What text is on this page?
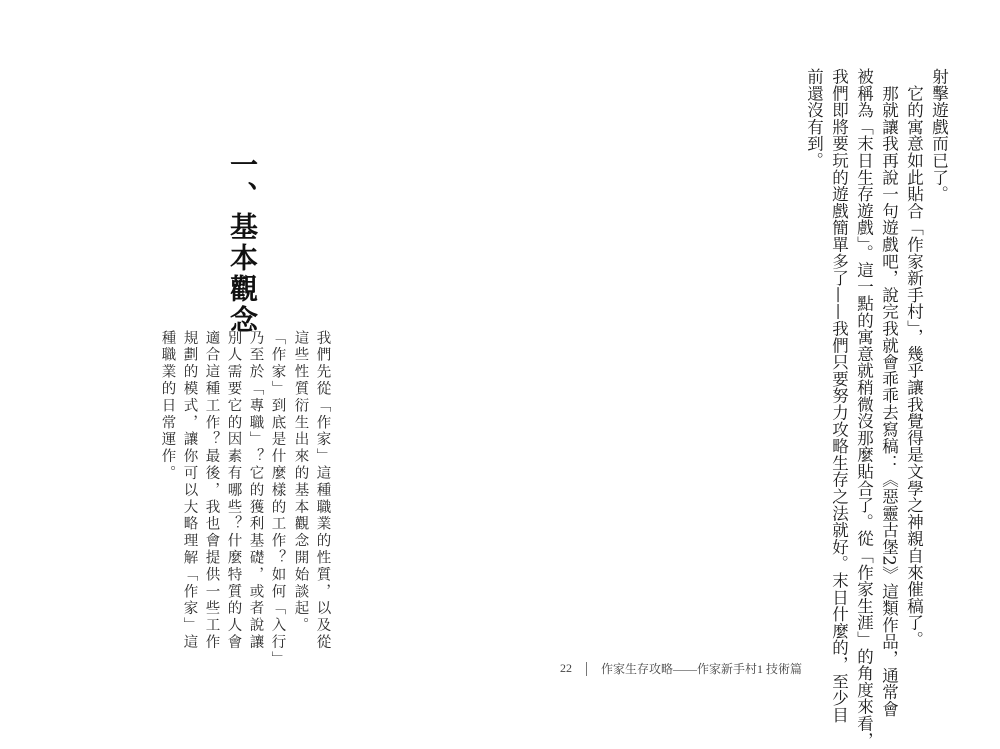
射擊遊戲而已了。

　它的寓意如此貼合「作家新手村」，幾乎讓我覺得是文學之神親自來催稿了。

　那就讓我再說一句遊戲吧，說完我就會乖乖去寫稿：《惡靈古堡2》這類作品，通常會

被稱為「末日生存遊戲」。這一點的寓意就稍微沒那麼貼合了。從「作家生涯」的角度來看，

我們即將要玩的遊戲簡單多了——我們只要努力攻略生存之法就好。末日什麼的，至少目

前還沒有到。

一、基本觀念

我們先從「作家」這種職業的性質，以及從

這些性質衍生出來的基本觀念開始談起。

「作家」到底是什麼樣的工作？如何「入行」

乃至於「專職」？它的獲利基礎，或者說讓

別人需要它的因素有哪些？什麼特質的人會

適合這種工作？最後，我也會提供一些工作

規劃的模式，讓你可以大略理解「作家」這

種職業的日常運作。

22 作家生存攻略——作家新手村1 技術篇
